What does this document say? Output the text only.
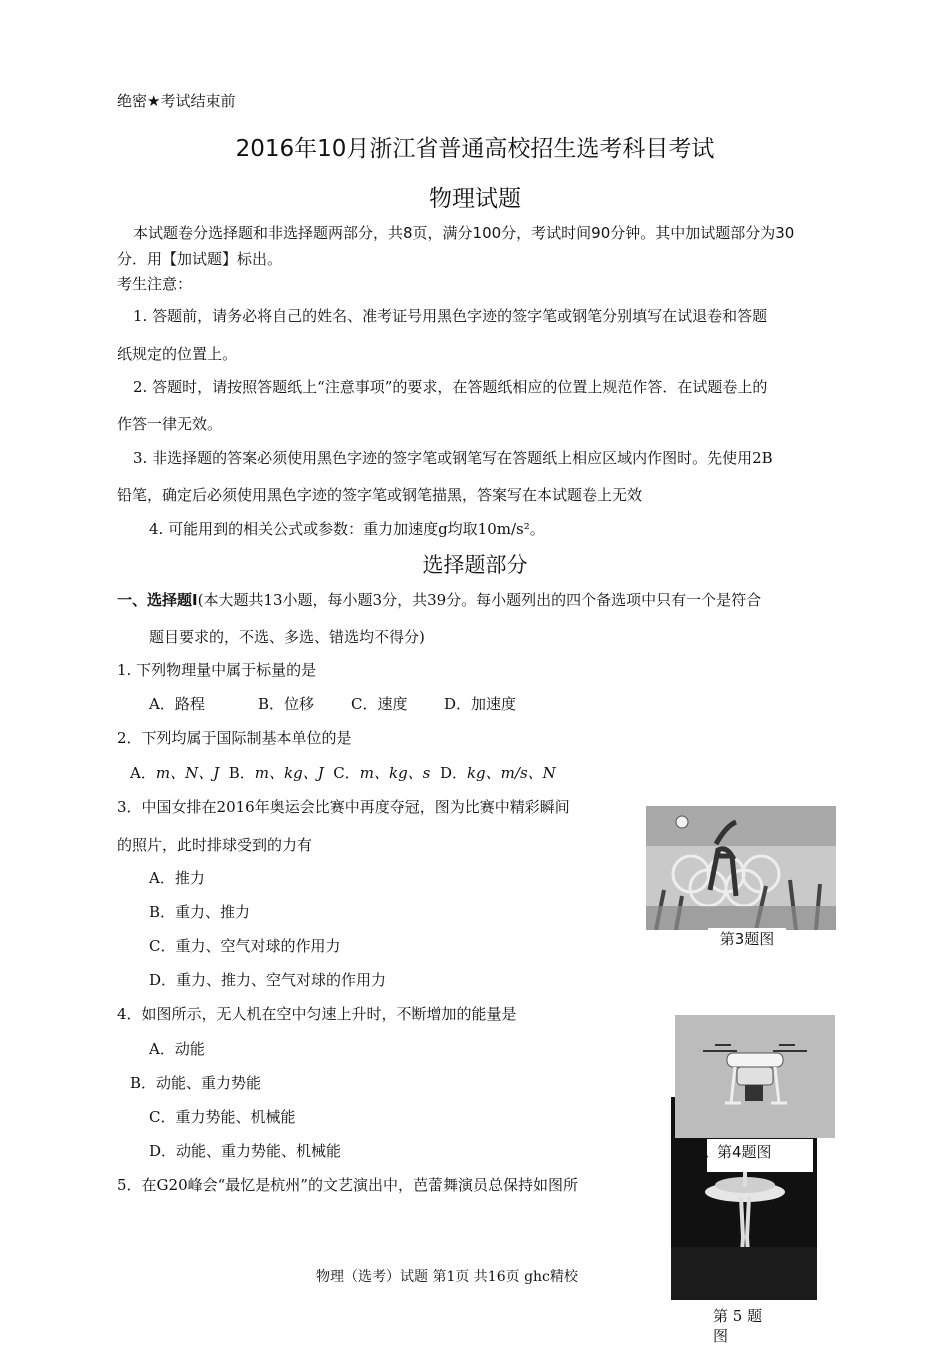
绝密★考试结束前
2016年10月浙江省普通高校招生选考科目考试
物理试题
本试题卷分选择题和非选择题两部分，共8页，满分100分，考试时间90分钟。其中加试题部分为30
分．用【加试题】标出。
考生注意：
1. 答题前，请务必将自己的姓名、准考证号用黑色字迹的签字笔或钢笔分别填写在试退卷和答题
纸规定的位置上。
2. 答题时，请按照答题纸上“注意事项”的要求，在答题纸相应的位置上规范作答．在试题卷上的
作答一律无效。
3. 非选择题的答案必须使用黑色字迹的签字笔或钢笔写在答题纸上相应区域内作图时。先使用2B
铅笔，确定后必须使用黑色字迹的签字笔或钢笔描黑，答案写在本试题卷上无效
4. 可能用到的相关公式或参数：重力加速度g均取10m/s²。
选择题部分
一、选择题Ⅰ(本大题共13小题，每小题3分，共39分。每小题列出的四个备选项中只有一个是符合
题目要求的，不选、多选、错选均不得分)
1. 下列物理量中属于标量的是
A．路程	B．位移 C．速度 D．加速度
2．下列均属于国际制基本单位的是
A．m、N、J B．m、kg、J C．m、kg、s D．kg、m/s、N
3．中国女排在2016年奥运会比赛中再度夺冠，图为比赛中精彩瞬间
的照片，此时排球受到的力有
A．推力
B．重力、推力
C．重力、空气对球的作用力
D．重力、推力、空气对球的作用力
第3题图
4．如图所示，无人机在空中匀速上升时，不断增加的能量是
A．动能
B．动能、重力势能
C．重力势能、机械能
D．动能、重力势能、机械能	第4题图
A
B
5．在G20峰会“最忆是杭州”的文艺演出中，芭蕾舞演员总保持如图所
第 5 题图
物理（选考）试题 第1页 共16页 ghc精校
